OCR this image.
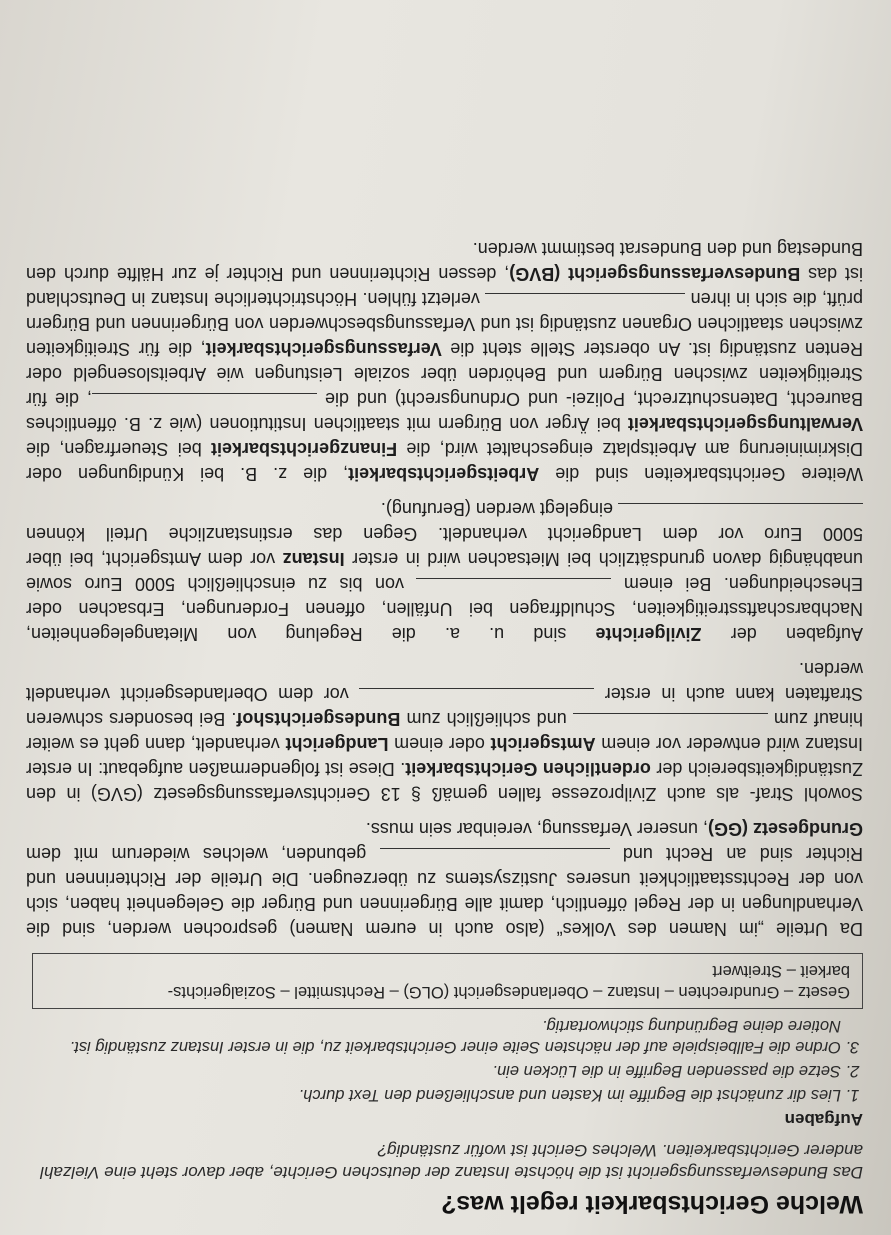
Welche Gerichtsbarkeit regelt was?

Das Bundesverfassungsgericht ist die höchste Instanz der deutschen Gerichte, aber davor steht eine Vielzahl anderer Gerichtsbarkeiten. Welches Gericht ist wofür zuständig?

Aufgaben
1. Lies dir zunächst die Begriffe im Kasten und anschließend den Text durch.
2. Setze die passenden Begriffe in die Lücken ein.
3. Ordne die Fallbeispiele auf der nächsten Seite einer Gerichtsbarkeit zu, die in erster Instanz zuständig ist. Notiere deine Begründung stichwortartig.
Gesetz – Grundrechten – Instanz – Oberlandesgericht (OLG) – Rechtsmittel – Sozialgerichts-
barkeit – Streitwert

Da Urteile „im Namen des Volkes“ (also auch in eurem Namen) gesprochen werden, sind die Verhandlungen in der Regel öffentlich, damit alle Bürgerinnen und Bürger die Gelegenheit haben, sich von der Rechtsstaatlichkeit unseres Justizsystems zu überzeugen. Die Urteile der Richterinnen und Richter sind an Recht und  gebunden, welches wiederum mit dem Grundgesetz (GG), unserer Verfassung, vereinbar sein muss.

Sowohl Straf- als auch Zivilprozesse fallen gemäß § 13 Gerichtsverfassungsgesetz (GVG) in den Zuständigkeitsbereich der ordentlichen Gerichtsbarkeit. Diese ist folgendermaßen aufgebaut: In erster Instanz wird entweder vor einem Amtsgericht oder einem Landgericht verhandelt, dann geht es weiter hinauf zum  und schließlich zum Bundesgerichtshof. Bei besonders schweren Straftaten kann auch in erster  vor dem Oberlandesgericht verhandelt werden.

Aufgaben der Zivilgerichte sind u. a. die Regelung von Mietangelegenheiten, Nachbarschaftsstreitigkeiten, Schuldfragen bei Unfällen, offenen Forderungen, Erbsachen oder Ehescheidungen. Bei einem  von bis zu einschließlich 5000 Euro sowie unabhängig davon grundsätzlich bei Mietsachen wird in erster Instanz vor dem Amtsgericht, bei über 5000 Euro vor dem Landgericht verhandelt. Gegen das erstinstanzliche Urteil können  eingelegt werden (Berufung).

Weitere Gerichtsbarkeiten sind die Arbeitsgerichtsbarkeit, die z. B. bei Kündigungen oder Diskriminierung am Arbeitsplatz eingeschaltet wird, die Finanzgerichtsbarkeit bei Steuerfragen, die Verwaltungsgerichtsbarkeit bei Ärger von Bürgern mit staatlichen Institutionen (wie z. B. öffentliches Baurecht, Datenschutzrecht, Polizei- und Ordnungsrecht) und die , die für Streitigkeiten zwischen Bürgern und Behörden über soziale Leistungen wie Arbeitslosengeld oder Renten zuständig ist. An oberster Stelle steht die Verfassungsgerichtsbarkeit, die für Streitigkeiten zwischen staatlichen Organen zuständig ist und Verfassungsbeschwerden von Bürgerinnen und Bürgern prüft, die sich in ihren  verletzt fühlen. Höchstrichterliche Instanz in Deutschland ist das Bundesverfassungsgericht (BVG), dessen Richterinnen und Richter je zur Hälfte durch den Bundestag und den Bundesrat bestimmt werden.
